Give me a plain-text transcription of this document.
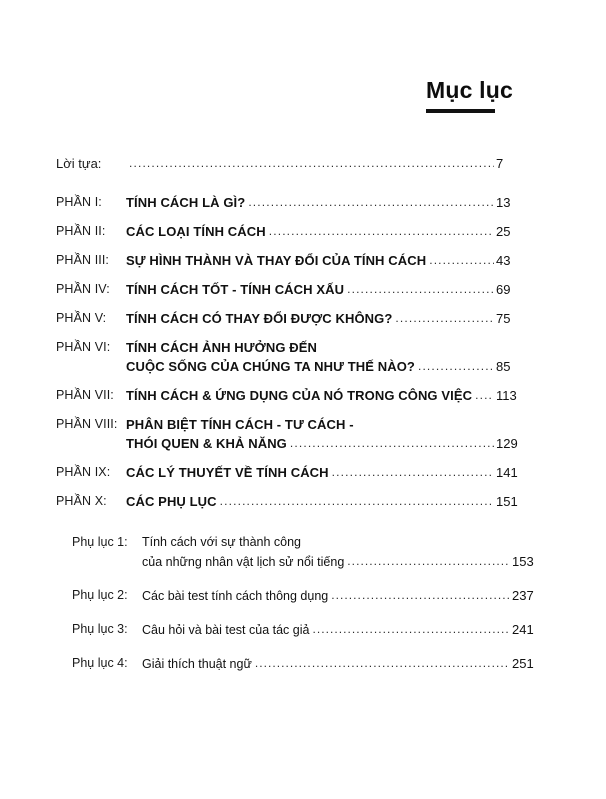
Mục lục
Lời tựa: .....	7
PHẦN I:	TÍNH CÁCH LÀ GÌ? .....	13
PHẦN II:	CÁC LOẠI TÍNH CÁCH .....	25
PHẦN III:	SỰ HÌNH THÀNH VÀ THAY ĐỔI CỦA TÍNH CÁCH .....	43
PHẦN IV:	TÍNH CÁCH TỐT - TÍNH CÁCH XẤU .....	69
PHẦN V:	TÍNH CÁCH CÓ THAY ĐỔI ĐƯỢC KHÔNG? .....	75
PHẦN VI:	TÍNH CÁCH ẢNH HƯỞNG ĐẾN
CUỘC SỐNG CỦA CHÚNG TA NHƯ THẾ NÀO? .....	85
PHẦN VII: TÍNH CÁCH & ỨNG DỤNG CỦA NÓ TRONG CÔNG VIỆC ..... 113
PHẦN VIII: PHÂN BIỆT TÍNH CÁCH - TƯ CÁCH -
THÓI QUEN & KHẢ NĂNG .....	129
PHẦN IX:	CÁC LÝ THUYẾT VỀ TÍNH CÁCH .....	141
PHẦN X:	CÁC PHỤ LỤC .....	151
Phụ lục 1:	Tính cách với sự thành công
của những nhân vật lịch sử nổi tiếng .....	153
Phụ lục 2:	Các bài test tính cách thông dụng .....	237
Phụ lục 3:	Câu hỏi và bài test của tác giả .....	241
Phụ lục 4:	Giải thích thuật ngữ .....	251
